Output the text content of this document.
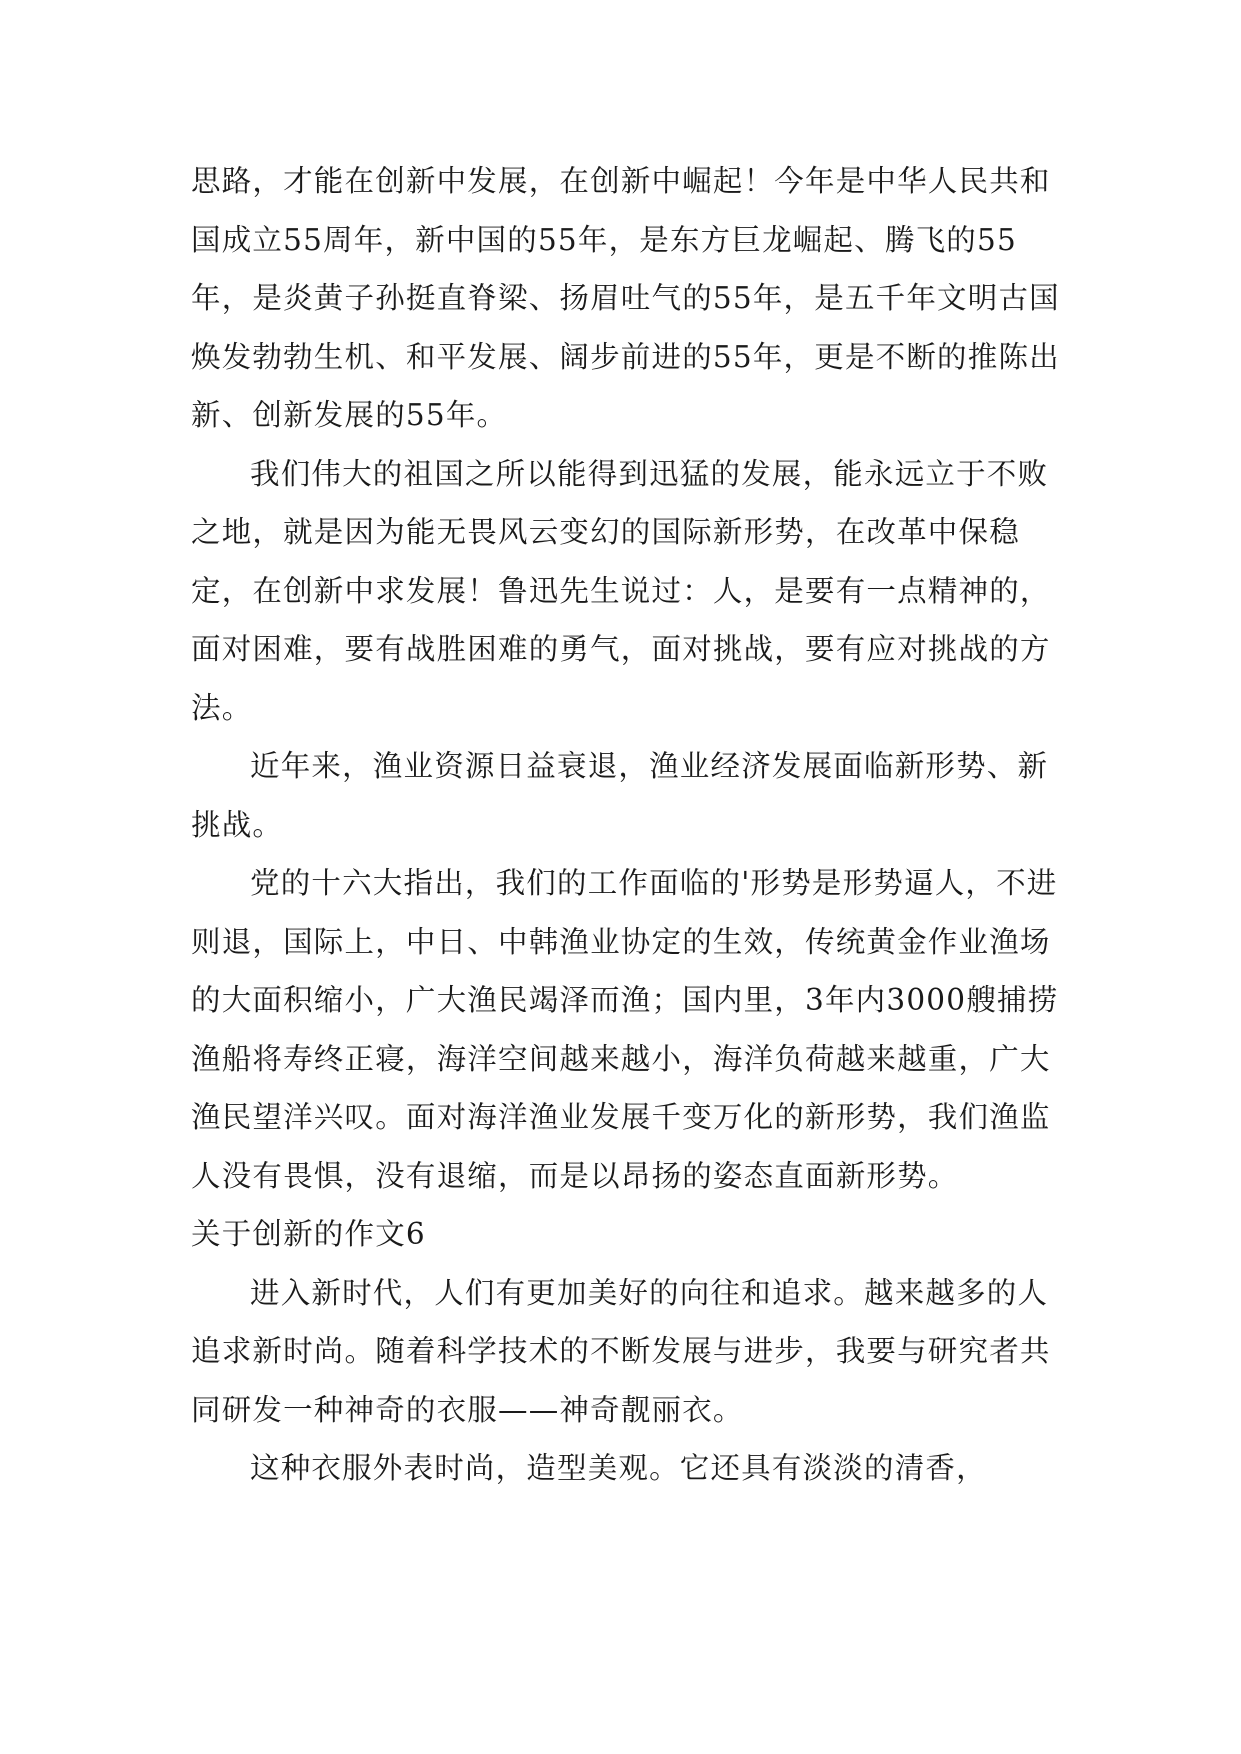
思路，才能在创新中发展，在创新中崛起！今年是中华人民共和国成立55周年，新中国的55年，是东方巨龙崛起、腾飞的55年，是炎黄子孙挺直脊梁、扬眉吐气的55年，是五千年文明古国焕发勃勃生机、和平发展、阔步前进的55年，更是不断的推陈出新、创新发展的55年。

我们伟大的祖国之所以能得到迅猛的发展，能永远立于不败之地，就是因为能无畏风云变幻的国际新形势，在改革中保稳定，在创新中求发展！鲁迅先生说过：人，是要有一点精神的，面对困难，要有战胜困难的勇气，面对挑战，要有应对挑战的方法。

近年来，渔业资源日益衰退，渔业经济发展面临新形势、新挑战。

党的十六大指出，我们的工作面临的'形势是形势逼人，不进则退，国际上，中日、中韩渔业协定的生效，传统黄金作业渔场的大面积缩小，广大渔民竭泽而渔；国内里，3年内3000艘捕捞渔船将寿终正寝，海洋空间越来越小，海洋负荷越来越重，广大渔民望洋兴叹。面对海洋渔业发展千变万化的新形势，我们渔监人没有畏惧，没有退缩，而是以昂扬的姿态直面新形势。

关于创新的作文6

进入新时代，人们有更加美好的向往和追求。越来越多的人追求新时尚。随着科学技术的不断发展与进步，我要与研究者共同研发一种神奇的衣服——神奇靓丽衣。

这种衣服外表时尚，造型美观。它还具有淡淡的清香，
